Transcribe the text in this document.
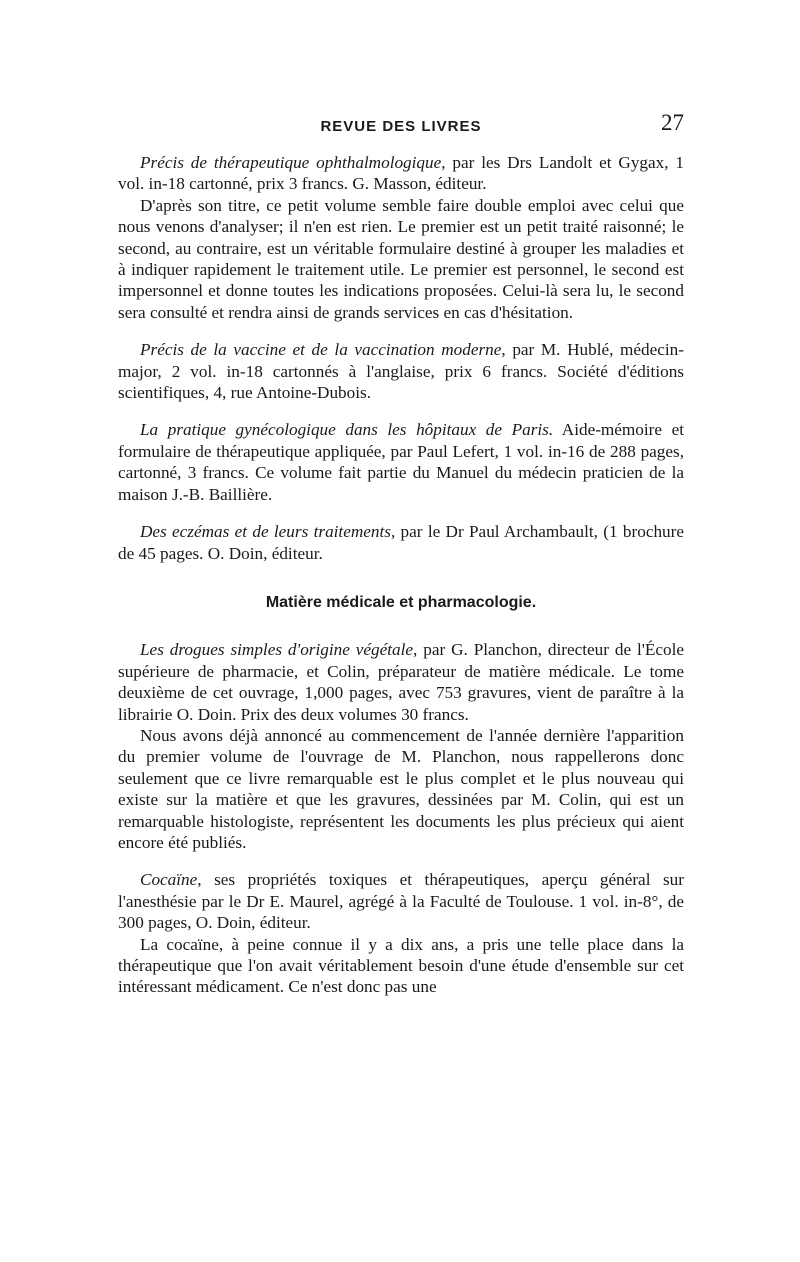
REVUE DES LIVRES	27

Précis de thérapeutique ophthalmologique, par les Drs Landolt et Gygax, 1 vol. in-18 cartonné, prix 3 francs. G. Masson, éditeur.

D'après son titre, ce petit volume semble faire double emploi avec celui que nous venons d'analyser; il n'en est rien. Le premier est un petit traité raisonné; le second, au contraire, est un véritable formulaire destiné à grouper les maladies et à indiquer rapidement le traitement utile. Le premier est personnel, le second est impersonnel et donne toutes les indications proposées. Celui-là sera lu, le second sera consulté et rendra ainsi de grands services en cas d'hésitation.

Précis de la vaccine et de la vaccination moderne, par M. Hublé, médecin-major, 2 vol. in-18 cartonnés à l'anglaise, prix 6 francs. Société d'éditions scientifiques, 4, rue Antoine-Dubois.

La pratique gynécologique dans les hôpitaux de Paris. Aide-mémoire et formulaire de thérapeutique appliquée, par Paul Lefert, 1 vol. in-16 de 288 pages, cartonné, 3 francs. Ce volume fait partie du Manuel du médecin praticien de la maison J.-B. Baillière.

Des eczémas et de leurs traitements, par le Dr Paul Archambault, (1 brochure de 45 pages. O. Doin, éditeur.

Matière médicale et pharmacologie.

Les drogues simples d'origine végétale, par G. Planchon, directeur de l'École supérieure de pharmacie, et Colin, préparateur de matière médicale. Le tome deuxième de cet ouvrage, 1,000 pages, avec 753 gravures, vient de paraître à la librairie O. Doin. Prix des deux volumes 30 francs.

Nous avons déjà annoncé au commencement de l'année dernière l'apparition du premier volume de l'ouvrage de M. Planchon, nous rappellerons donc seulement que ce livre remarquable est le plus complet et le plus nouveau qui existe sur la matière et que les gravures, dessinées par M. Colin, qui est un remarquable histologiste, représentent les documents les plus précieux qui aient encore été publiés.

Cocaïne, ses propriétés toxiques et thérapeutiques, aperçu général sur l'anesthésie par le Dr E. Maurel, agrégé à la Faculté de Toulouse. 1 vol. in-8°, de 300 pages, O. Doin, éditeur.

La cocaïne, à peine connue il y a dix ans, a pris une telle place dans la thérapeutique que l'on avait véritablement besoin d'une étude d'ensemble sur cet intéressant médicament. Ce n'est donc pas une
